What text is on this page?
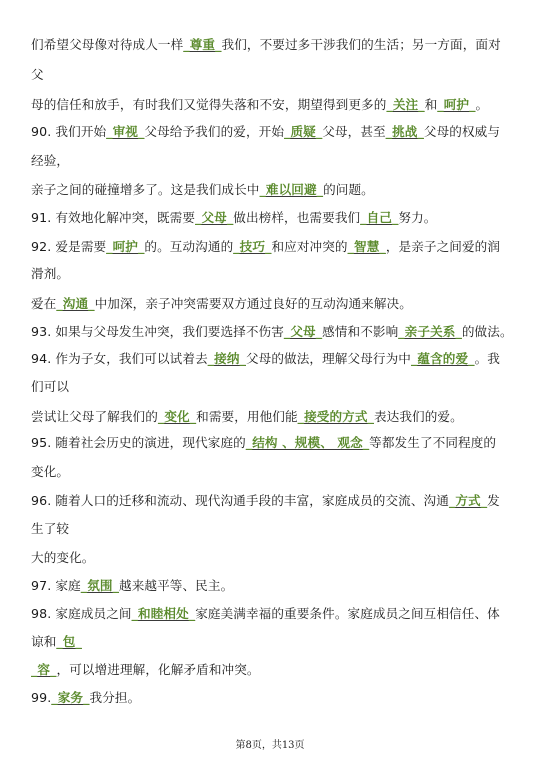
们希望父母像对待成人一样_尊重_我们，不要过多干涉我们的生活；另一方面，面对
父
母的信任和放手，有时我们又觉得失落和不安，期望得到更多的_关注_和_呵护_。
90. 我们开始_审视_父母给予我们的爱，开始_质疑_父母，甚至_挑战_父母的权威与
经验，
亲子之间的碰撞增多了。这是我们成长中_难以回避_的问题。
91. 有效地化解冲突，既需要_父母_做出榜样，也需要我们_自己_努力。
92. 爱是需要_呵护_的。互动沟通的_技巧_和应对冲突的_智慧_，是亲子之间爱的润
滑剂。
爱在_沟通_中加深，亲子冲突需要双方通过良好的互动沟通来解决。
93. 如果与父母发生冲突，我们要选择不伤害_父母_感情和不影响_亲子关系_的做法。
94. 作为子女，我们可以试着去_接纳_父母的做法，理解父母行为中_蕴含的爱_。我
们可以
尝试让父母了解我们的_变化_和需要，用他们能_接受的方式_表达我们的爱。
95. 随着社会历史的演进，现代家庭的_结构 、规模、 观念_等都发生了不同程度的
变化。
96. 随着人口的迁移和流动、现代沟通手段的丰富，家庭成员的交流、沟通_方式_发
生了较
大的变化。
97. 家庭_氛围_越来越平等、民主。
98. 家庭成员之间_和睦相处_家庭美满幸福的重要条件。家庭成员之间互相信任、体
谅和_包_
_容_，可以增进理解，化解矛盾和冲突。
99._家务_我分担。
第8页，共13页
